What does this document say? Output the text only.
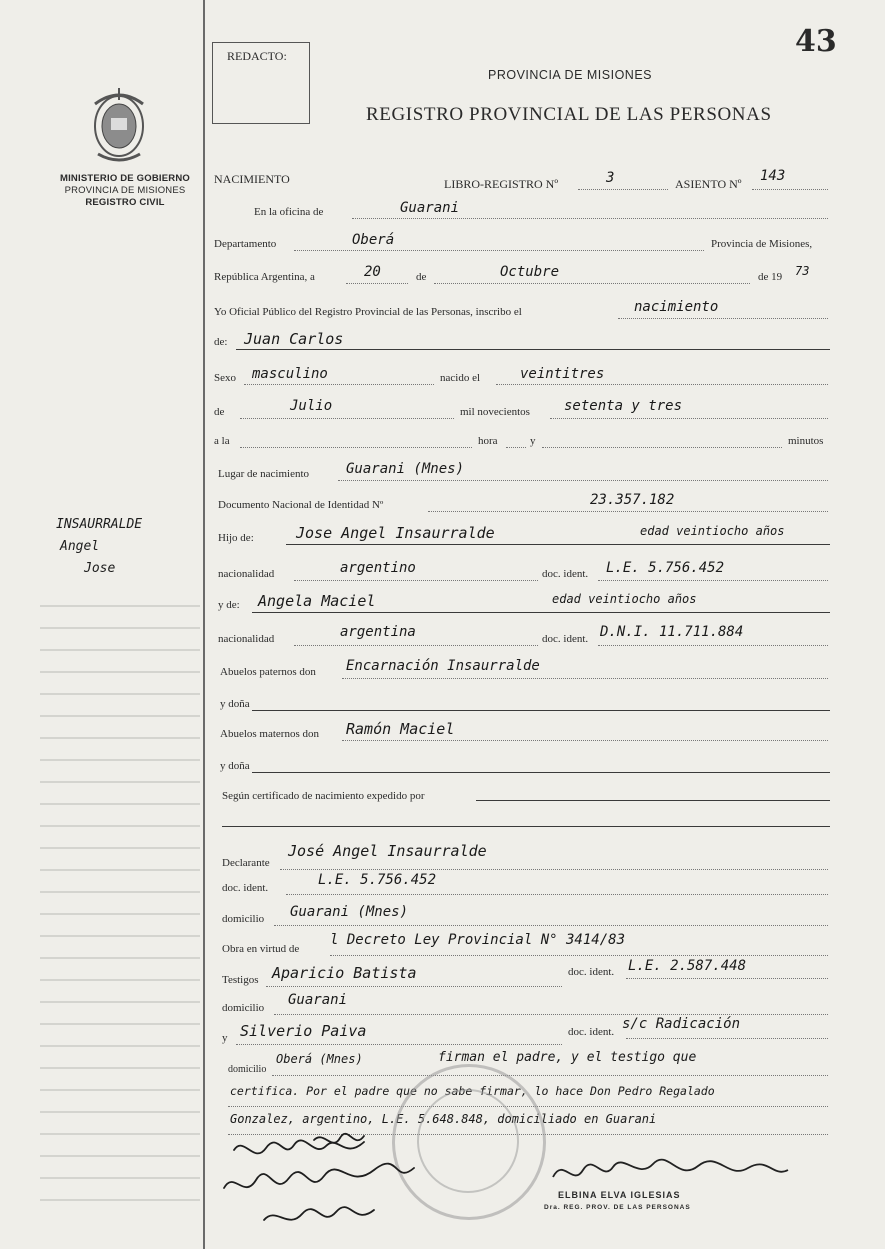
MINISTERIO DE GOBIERNO
PROVINCIA DE MISIONES
REGISTRO CIVIL
INSAURRALDE
Angel
Jose
REDACTO:	43
PROVINCIA DE MISIONES
REGISTRO PROVINCIAL DE LAS PERSONAS
NACIMIENTO	LIBRO-REGISTRO Nº	3	ASIENTO Nº 143
En la oficina de	Guarani
Departamento	Oberá	Provincia de Misiones,
República Argentina, a	20	de	Octubre	de 19 73
Yo Oficial Público del Registro Provincial de las Personas, inscribo el	nacimiento
de: Juan Carlos
Sexo masculino	nacido el	veintitres
de	Julio	mil novecientos setenta y tres
a la	hora	y	minutos
Lugar de nacimiento	Guarani (Mnes)
Documento Nacional de Identidad Nº	23.357.182
Hijo de:	Jose Angel Insaurralde	edad veintiocho años
nacionalidad	argentino	doc. ident. L.E. 5.756.452
y de: Angela Maciel	edad veintiocho años
nacionalidad	argentina	doc. ident. D.N.I. 11.711.884
Abuelos paternos don Encarnación Insaurralde
y doña
Abuelos maternos don Ramón Maciel
y doña
Según certificado de nacimiento expedido por
Declarante
José Angel Insaurralde
doc. ident.	L.E. 5.756.452
domicilio Guarani (Mnes)
Obra en virtud de
l Decreto Ley Provincial N° 3414/83
Testigos Aparicio Batista	doc. ident. L.E. 2.587.448
domicilio Guarani
y Silverio Paiva	doc. ident. s/c Radicación
domicilio
Oberá (Mnes)	firman el padre, y el testigo que
certifica. Por el padre que no sabe firmar, lo hace Don Pedro Regalado
Gonzalez, argentino, L.E. 5.648.848, domiciliado en Guarani
ELBINA ELVA IGLESIAS
Dra. REG. PROV. DE LAS PERSONAS
